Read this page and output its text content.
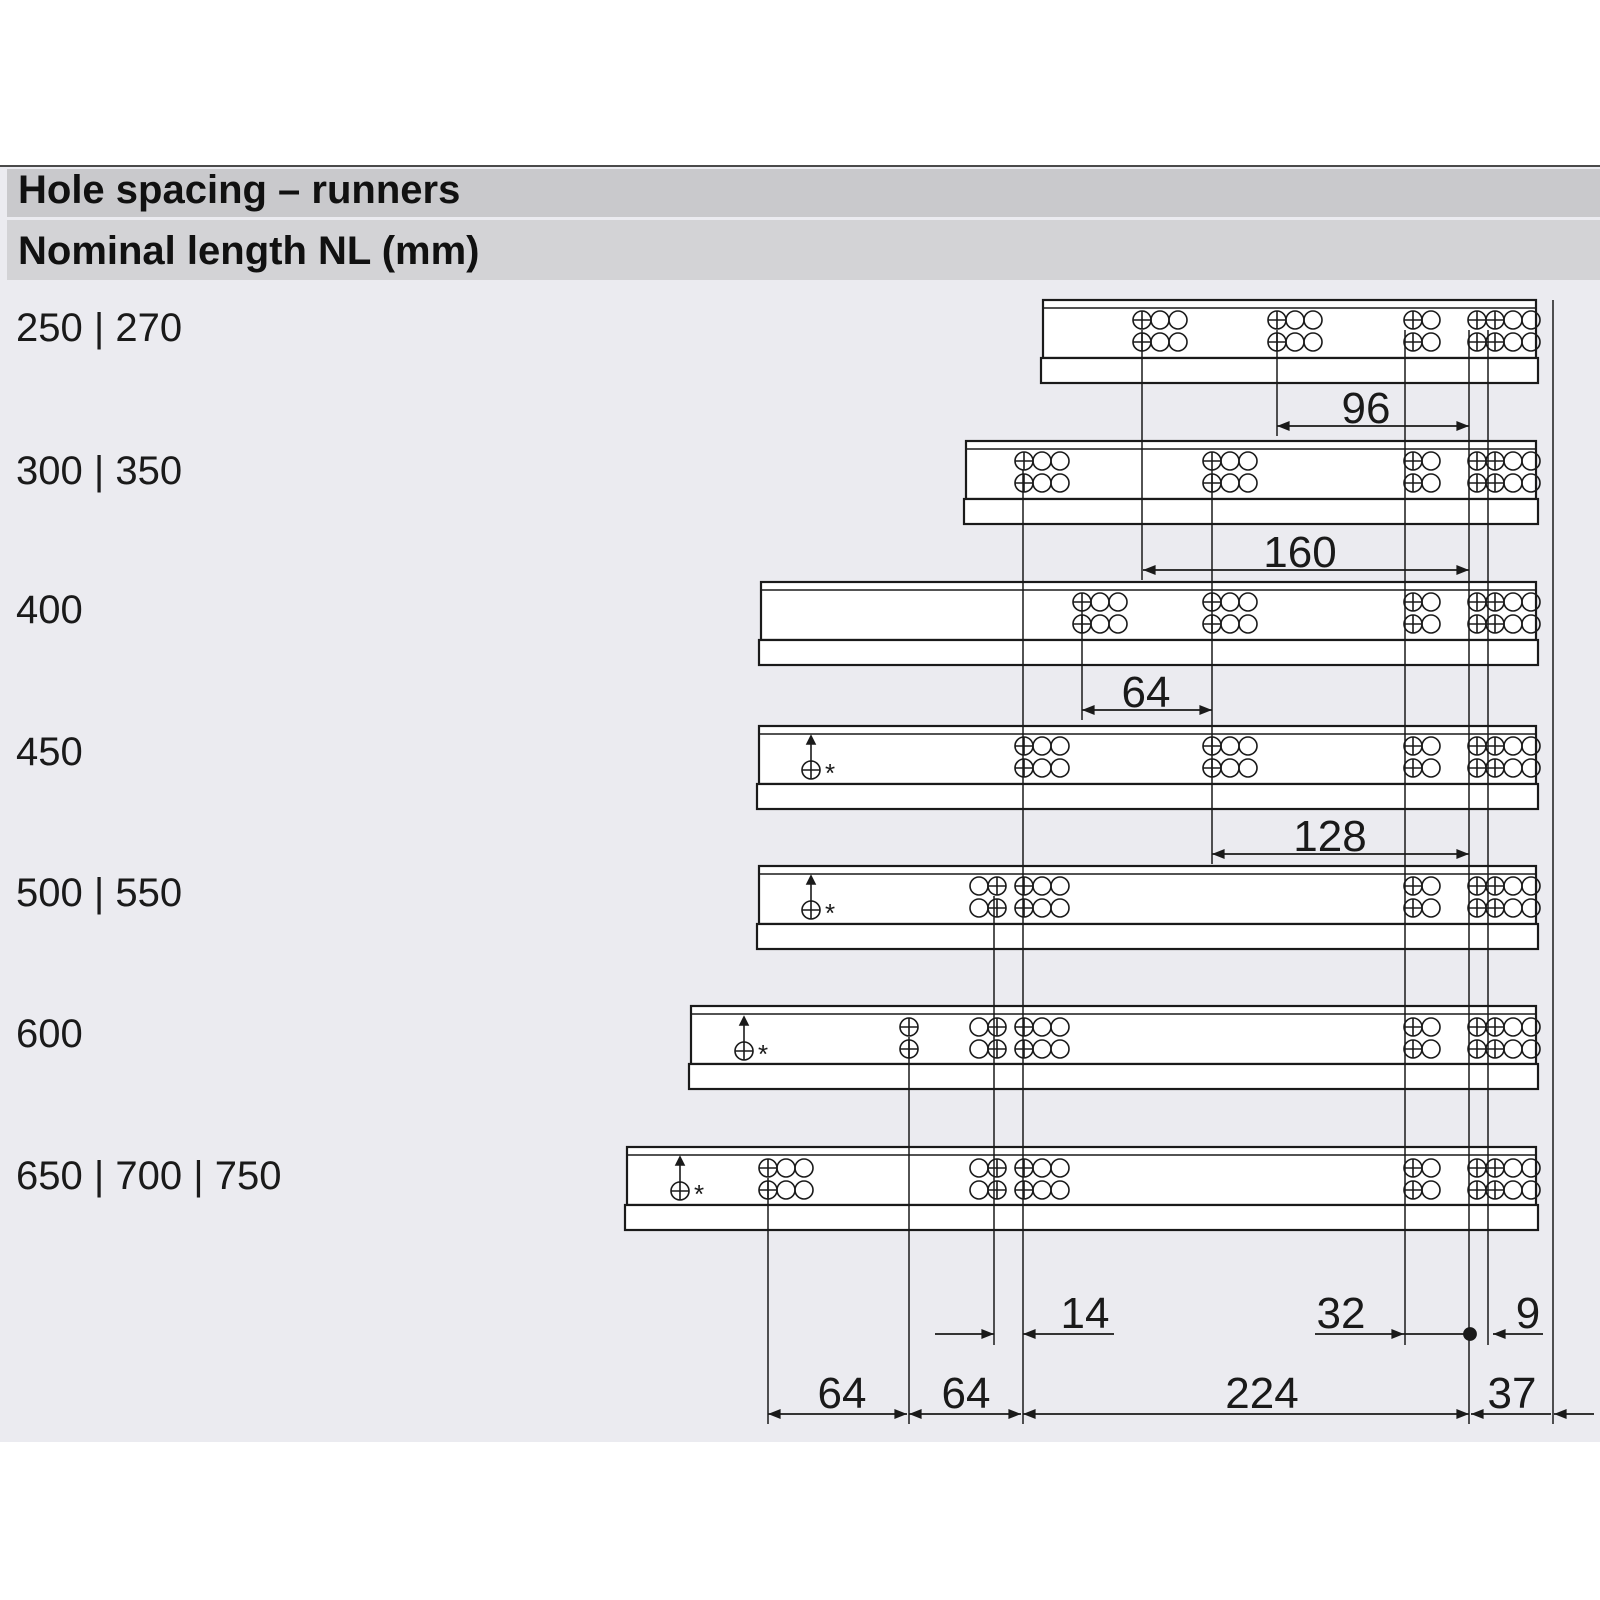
Hole spacing – runners
Nominal length NL (mm)
250 | 270
300 | 350
400
450
500 | 550
600
650 | 700 | 750
*
*
*
*
96
160
64
128
14	32	9
64 64	224	37
